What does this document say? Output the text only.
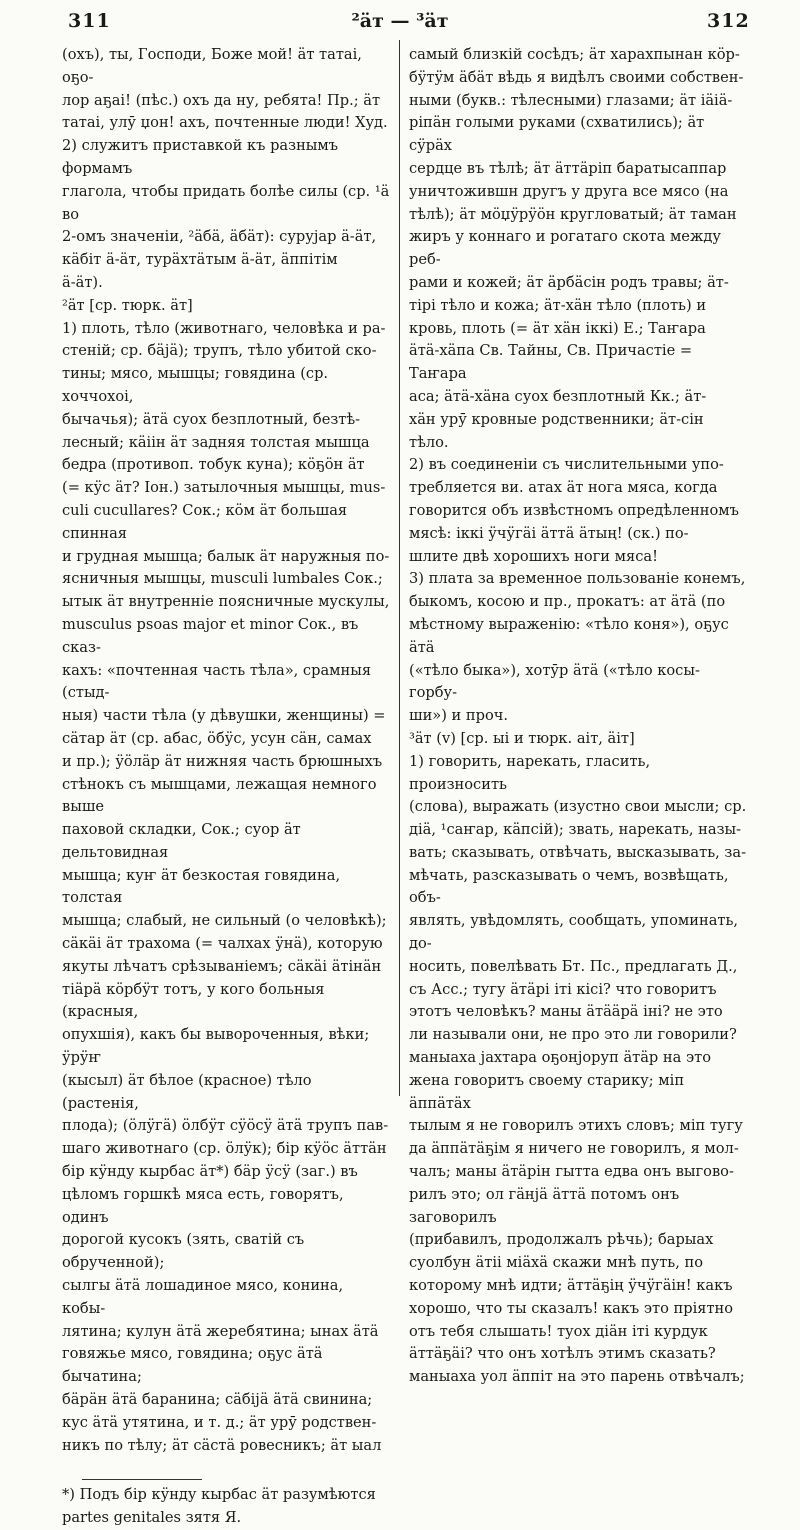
311	²ӓт — ³ӓт	312

(охъ), ты, Господи, Боже мой! ӓт татаі, оҕо-

лор аҕаі! (пѣс.) охъ да ну, ребята! Пр.; ӓт

татаі, улӯ џон! ахъ, почтенные люди! Худ.

2) служитъ приставкой къ разнымъ формамъ

глагола, чтобы придать болѣе силы (ср. ¹ӓ во

2-омъ значеніи, ²ӓбӓ, ӓбӓт): сурујар ӓ-ӓт,

кӓбіт ӓ-ӓт, турӓхтӓтым ӓ-ӓт, ӓппітім

ӓ-ӓт).

²ӓт [ср. тюрк. ӓт]

1) плоть, тѣло (животнаго, человѣка и ра-

стеній; ср. бӓјӓ); трупъ, тѣло убитой ско-

тины; мясо, мышцы; говядина (ср. хоччохоі,

бычачья); ӓтӓ суох безплотный, безтѣ-

лесный; кӓіін ӓт задняя толстая мышца

бедра (противоп. тобук куна); кӧҕӧн ӓт

(= кӱс ӓт? Іон.) затылочныя мышцы, mus-

culi cucullares? Сок.; кӧм ӓт большая спинная

и грудная мышца; балык ӓт наружныя по-

ясничныя мышцы, musculi lumbales Сок.;

ытык ӓт внутренніе поясничные мускулы,

musculus psoas major et minor Сок., въ сказ-

кахъ: «почтенная часть тѣла», срамныя (стыд-

ныя) части тѣла (у дѣвушки, женщины) =

сӓтар ӓт (ср. абас, ӧбӱс, усун сӓн, самах

и пр.); ӱӧлӓр ӓт нижняя часть брюшныхъ

стѣнокъ съ мышцами, лежащая немного выше

паховой складки, Сок.; суор ӓт дельтовидная

мышца; куҥ ӓт безкостая говядина, толстая

мышца; слабый, не сильный (о человѣкѣ);

сӓкӓі ӓт трахома (= чалхах ӱнӓ), которую

якуты лѣчатъ срѣзываніемъ; сӓкӓі ӓтінӓн

тіӓрӓ кӧрбӱт тотъ, у кого больныя (красныя,

опухшія), какъ бы вывороченныя, вѣки; ӱрӱҥ

(кысыл) ӓт бѣлое (красное) тѣло (растенія,

плода); (ӧлӱгӓ) ӧлбӱт сӱӧсӱ ӓтӓ трупъ пав-

шаго животнаго (ср. ӧлӱк); бір кӱӧс ӓттӓн

бір кӱнду кырбас ӓт*) бӓр ӱсӱ (заг.) въ

цѣломъ горшкѣ мяса есть, говорятъ, одинъ

дорогой кусокъ (зять, сватій съ обрученной);

сылгы ӓтӓ лошадиное мясо, конина, кобы-

лятина; кулун ӓтӓ жеребятина; ынах ӓтӓ

говяжье мясо, говядина; оҕус ӓтӓ бычатина;

бӓрӓн ӓтӓ баранина; сӓбіјӓ ӓтӓ свинина;

кус ӓтӓ утятина, и т. д.; ӓт урӯ родствен-

никъ по тѣлу; ӓт сӓстӓ ровесникъ; ӓт ыал

*) Подъ бір кӱнду кырбас ӓт разумѣются

partes genitales зятя Я.

самый близкій сосѣдъ; ӓт харахпынан кӧр-

бӱтӱм ӓбӓт вѣдь я видѣлъ своими собствен-

ными (букв.: тѣлесными) глазами; ӓт іӓіӓ-

ріпӓн голыми руками (схватились); ӓт сӱрӓх

сердце въ тѣлѣ; ӓт ӓттӓріп баратысаппар

уничтожившн другъ у друга все мясо (на

тѣлѣ); ӓт мӧџӱрӱӧн кругловатый; ӓт таман

жиръ у коннаго и рогатаго скота между реб-

рами и кожей; ӓт ӓрбӓсін родъ травы; ӓт-

тірі тѣло и кожа; ӓт-хӓн тѣло (плоть) и

кровь, плоть (= ӓт хӓн іккі) Е.; Таҥара

ӓтӓ-хӓпа Св. Тайны, Св. Причастіе = Таҥара

аса; ӓтӓ-хӓна суох безплотный Кк.; ӓт-

хӓн урӯ кровные родственники; ӓт-сін тѣло.

2) въ соединеніи съ числительными упо-

требляется ви. атах ӓт нога мяса, когда

говорится объ извѣстномъ опредѣленномъ

мясѣ: іккі ӱчӱгӓі ӓттӓ ӓтың! (ск.) по-

шлите двѣ хорошихъ ноги мяса!

3) плата за временное пользованіе конемъ,

быкомъ, косою и пр., прокатъ: ат ӓтӓ (по

мѣстному выраженію: «тѣло коня»), оҕус ӓтӓ

(«тѣло быка»), хотӯр ӓтӓ («тѣло косы-горбу-

ши») и проч.

³ӓт (v) [ср. ыі и тюрк. аіт, ӓіт]

1) говорить, нарекать, гласить, произносить

(слова), выражать (изустно свои мысли; ср.

діӓ, ¹саҥар, кӓпсій); звать, нарекать, назы-

вать; сказывать, отвѣчать, высказывать, за-

мѣчать, разсказывать о чемъ, возвѣщать, объ-

являть, увѣдомлять, сообщать, упоминать, до-

носить, повелѣвать Бт. Пс., предлагать Д.,

съ Асс.; тугу ӓтӓрі іті кісі? что говоритъ

этотъ человѣкъ? маны ӓтӓӓрӓ іні? не это

ли называли они, не про это ли говорили?

маныаха јахтара оҕонјоруп ӓтӓр на это

жена говоритъ своему старику; міп ӓппӓтӓх

тылым я не говорилъ этихъ словъ; міп тугу

да ӓппӓтӓҕім я ничего не говорилъ, я мол-

чалъ; маны ӓтӓрін гытта едва онъ выгово-

рилъ это; ол гӓнјӓ ӓттӓ потомъ онъ заговорилъ

(прибавилъ, продолжалъ рѣчь); барыах

суолбун ӓтіі міӓхӓ скажи мнѣ путь, по

которому мнѣ идти; ӓттӓҕің ӱчӱгӓін! какъ

хорошо, что ты сказалъ! какъ это пріятно

отъ тебя слышать! туох діӓн іті курдук

ӓттӓҕӓі? что онъ хотѣлъ этимъ сказать?

маныаха уол ӓппіт на это парень отвѣчалъ;
